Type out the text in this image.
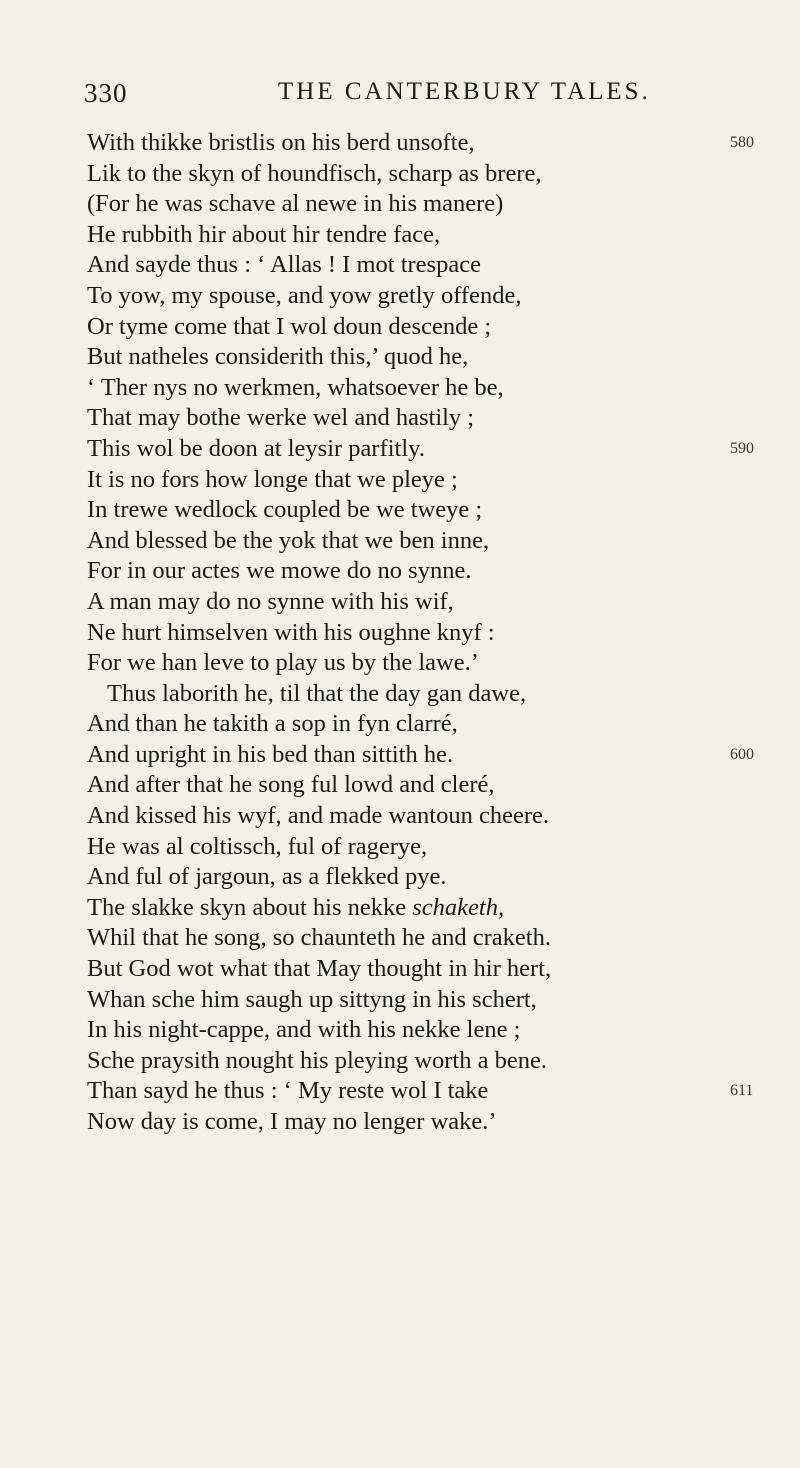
330	THE CANTERBURY TALES.
With thikke bristlis on his berd unsofte,	580
Lik to the skyn of houndfisch, scharp as brere,
(For he was schave al newe in his manere)
He rubbith hir about hir tendre face,
And sayde thus : ‘ Allas ! I mot trespace
To yow, my spouse, and yow gretly offende,
Or tyme come that I wol doun descende ;
But natheles considerith this,’ quod he,
‘ Ther nys no werkmen, whatsoever he be,
That may bothe werke wel and hastily ;
This wol be doon at leysir parfitly.	590
It is no fors how longe that we pleye ;
In trewe wedlock coupled be we tweye ;
And blessed be the yok that we ben inne,
For in our actes we mowe do no synne.
A man may do no synne with his wif,
Ne hurt himselven with his oughne knyf :
For we han leve to play us by the lawe.’
Thus laborith he, til that the day gan dawe,
And than he takith a sop in fyn clarré,
And upright in his bed than sittith he.	600
And after that he song ful lowd and cleré,
And kissed his wyf, and made wantoun cheere.
He was al coltissch, ful of ragerye,
And ful of jargoun, as a flekked pye.
The slakke skyn about his nekke schaketh,
Whil that he song, so chaunteth he and craketh.
But God wot what that May thought in hir hert,
Whan sche him saugh up sittyng in his schert,
In his night-cappe, and with his nekke lene ;
Sche praysith nought his pleying worth a bene.
Than sayd he thus : ‘ My reste wol I take	611
Now day is come, I may no lenger wake.’
